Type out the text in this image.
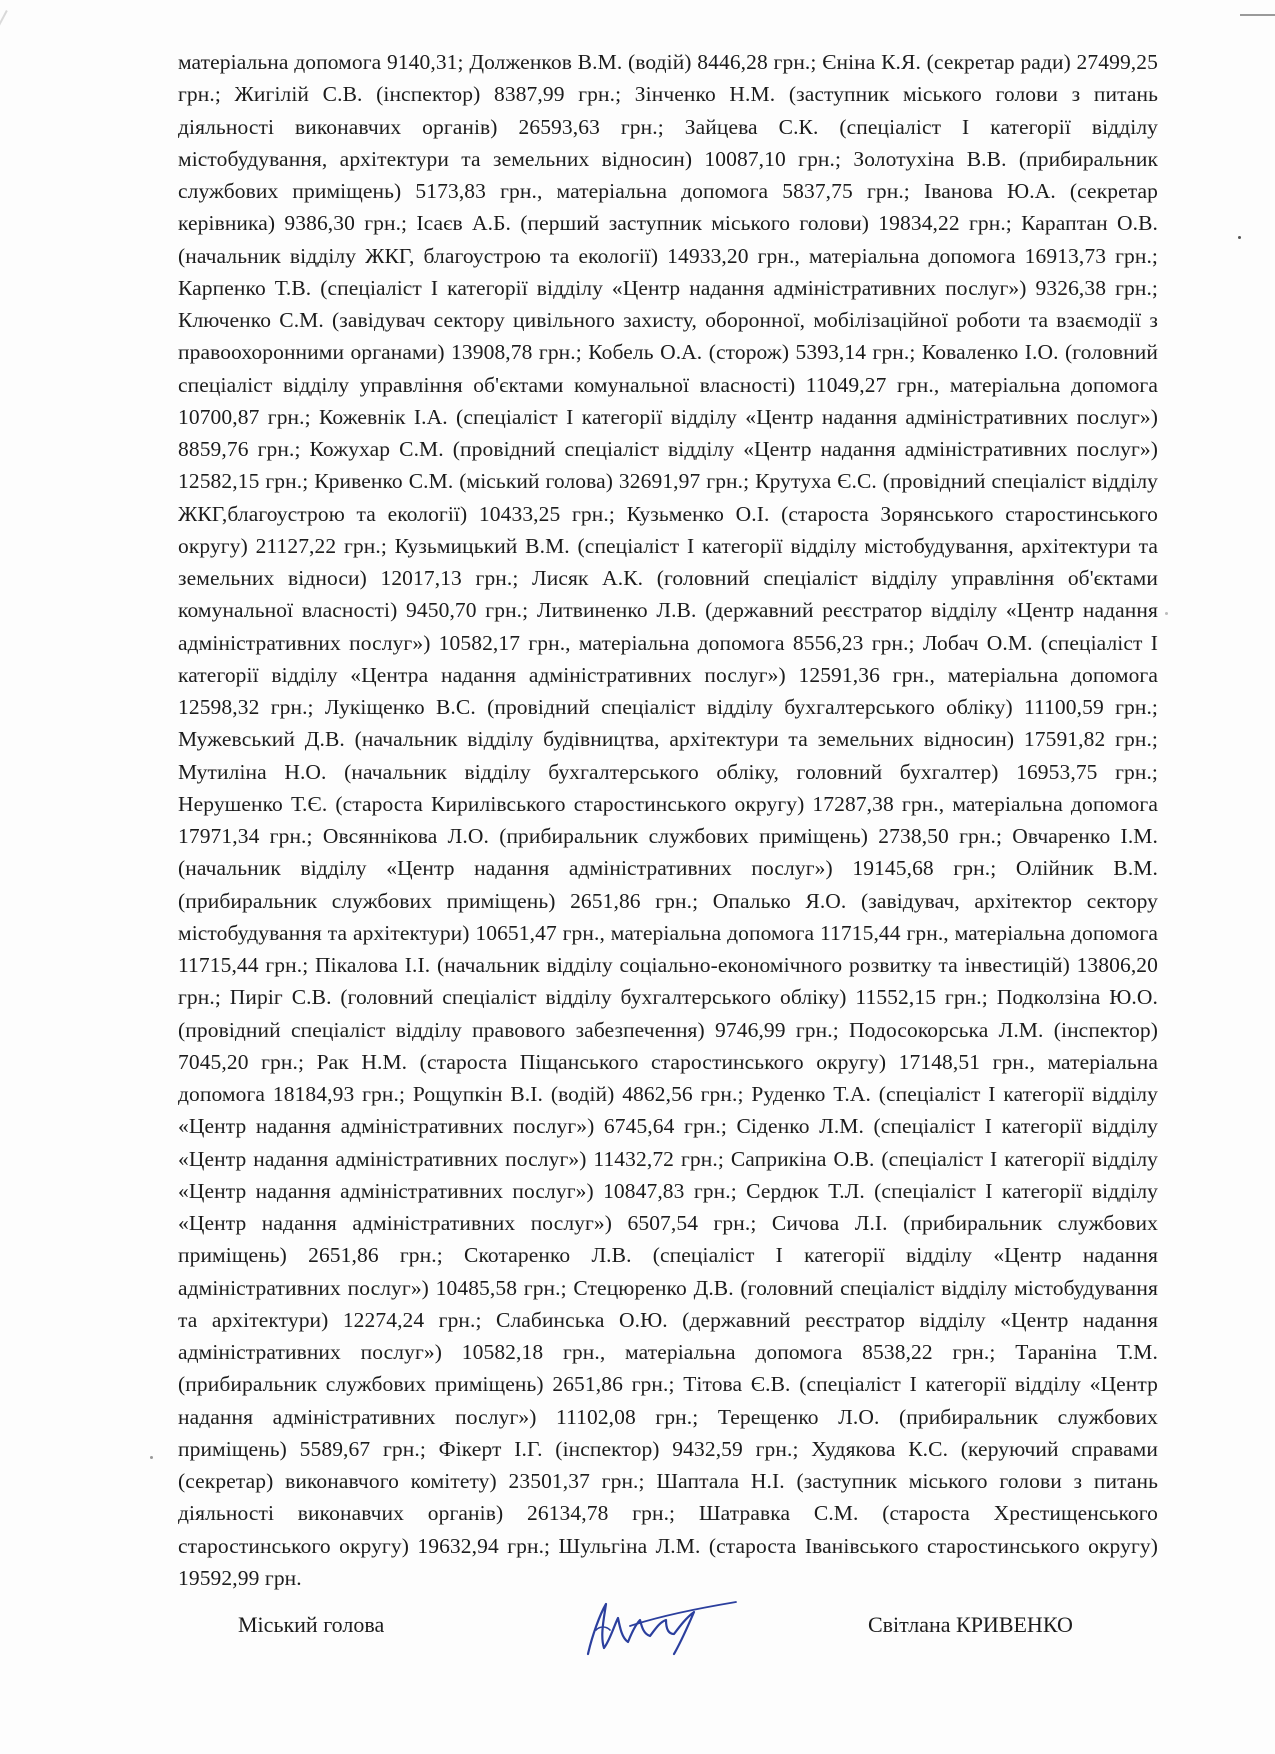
матеріальна допомога 9140,31; Долженков В.М. (водій) 8446,28 грн.; Єніна К.Я. (секретар ради) 27499,25 грн.; Жигілій С.В. (інспектор) 8387,99 грн.; Зінченко Н.М. (заступник міського голови з питань діяльності виконавчих органів) 26593,63 грн.; Зайцева С.К. (спеціаліст І категорії відділу містобудування, архітектури та земельних відносин) 10087,10 грн.; Золотухіна В.В. (прибиральник службових приміщень) 5173,83 грн., матеріальна допомога 5837,75 грн.; Іванова Ю.А. (секретар керівника) 9386,30 грн.; Ісаєв А.Б. (перший заступник міського голови) 19834,22 грн.; Караптан О.В. (начальник відділу ЖКГ, благоустрою та екології) 14933,20 грн., матеріальна допомога 16913,73 грн.; Карпенко Т.В. (спеціаліст І категорії відділу «Центр надання адміністративних послуг») 9326,38 грн.; Ключенко С.М. (завідувач сектору цивільного захисту, оборонної, мобілізаційної роботи та взаємодії з правоохоронними органами) 13908,78 грн.; Кобель О.А. (сторож) 5393,14 грн.; Коваленко І.О. (головний спеціаліст відділу управління об'єктами комунальної власності) 11049,27 грн., матеріальна допомога 10700,87 грн.; Кожевнік І.А. (спеціаліст І категорії відділу «Центр надання адміністративних послуг») 8859,76 грн.; Кожухар С.М. (провідний спеціаліст відділу «Центр надання адміністративних послуг») 12582,15 грн.; Кривенко С.М. (міський голова) 32691,97 грн.; Крутуха Є.С. (провідний спеціаліст відділу ЖКГ,благоустрою та екології) 10433,25 грн.; Кузьменко О.І. (староста Зорянського старостинського округу) 21127,22 грн.; Кузьмицький В.М. (спеціаліст І категорії відділу містобудування, архітектури та земельних відноси) 12017,13 грн.; Лисяк А.К. (головний спеціаліст відділу управління об'єктами комунальної власності) 9450,70 грн.; Литвиненко Л.В. (державний реєстратор відділу «Центр надання адміністративних послуг») 10582,17 грн., матеріальна допомога 8556,23 грн.; Лобач О.М. (спеціаліст І категорії відділу «Центра надання адміністративних послуг») 12591,36 грн., матеріальна допомога 12598,32 грн.; Лукіщенко В.С. (провідний спеціаліст відділу бухгалтерського обліку) 11100,59 грн.; Мужевський Д.В. (начальник відділу будівництва, архітектури та земельних відносин) 17591,82 грн.; Мутиліна Н.О. (начальник відділу бухгалтерського обліку, головний бухгалтер) 16953,75 грн.; Нерушенко Т.Є. (староста Кирилівського старостинського округу) 17287,38 грн., матеріальна допомога 17971,34 грн.; Овсяннікова Л.О. (прибиральник службових приміщень) 2738,50 грн.; Овчаренко І.М. (начальник відділу «Центр надання адміністративних послуг») 19145,68 грн.; Олійник В.М. (прибиральник службових приміщень) 2651,86 грн.; Опалько Я.О. (завідувач, архітектор сектору містобудування та архітектури) 10651,47 грн., матеріальна допомога 11715,44 грн., матеріальна допомога 11715,44 грн.; Пікалова І.І. (начальник відділу соціально-економічного розвитку та інвестицій) 13806,20 грн.; Пиріг С.В. (головний спеціаліст відділу бухгалтерського обліку) 11552,15 грн.; Подколзіна Ю.О. (провідний спеціаліст відділу правового забезпечення) 9746,99 грн.; Подосокорська Л.М. (інспектор) 7045,20 грн.; Рак Н.М. (староста Піщанського старостинського округу) 17148,51 грн., матеріальна допомога 18184,93 грн.; Рощупкін В.І. (водій) 4862,56 грн.; Руденко Т.А. (спеціаліст І категорії відділу «Центр надання адміністративних послуг») 6745,64 грн.; Сіденко Л.М. (спеціаліст І категорії відділу «Центр надання адміністративних послуг») 11432,72 грн.; Саприкіна О.В. (спеціаліст І категорії відділу «Центр надання адміністративних послуг») 10847,83 грн.; Сердюк Т.Л. (спеціаліст І категорії відділу «Центр надання адміністративних послуг») 6507,54 грн.; Сичова Л.І. (прибиральник службових приміщень) 2651,86 грн.; Скотаренко Л.В. (спеціаліст І категорії відділу «Центр надання адміністративних послуг») 10485,58 грн.; Стецюренко Д.В. (головний спеціаліст відділу містобудування та архітектури) 12274,24 грн.; Слабинська О.Ю. (державний реєстратор відділу «Центр надання адміністративних послуг») 10582,18 грн., матеріальна допомога 8538,22 грн.; Тараніна Т.М. (прибиральник службових приміщень) 2651,86 грн.; Тітова Є.В. (спеціаліст І категорії відділу «Центр надання адміністративних послуг») 11102,08 грн.; Терещенко Л.О. (прибиральник службових приміщень) 5589,67 грн.; Фікерт І.Г. (інспектор) 9432,59 грн.; Худякова К.С. (керуючий справами (секретар) виконавчого комітету) 23501,37 грн.; Шаптала Н.І. (заступник міського голови з питань діяльності виконавчих органів) 26134,78 грн.; Шатравка С.М. (староста Хрестищенського старостинського округу) 19632,94 грн.; Шульгіна Л.М. (староста Іванівського старостинського округу) 19592,99 грн.

Міський голова	Світлана КРИВЕНКО
